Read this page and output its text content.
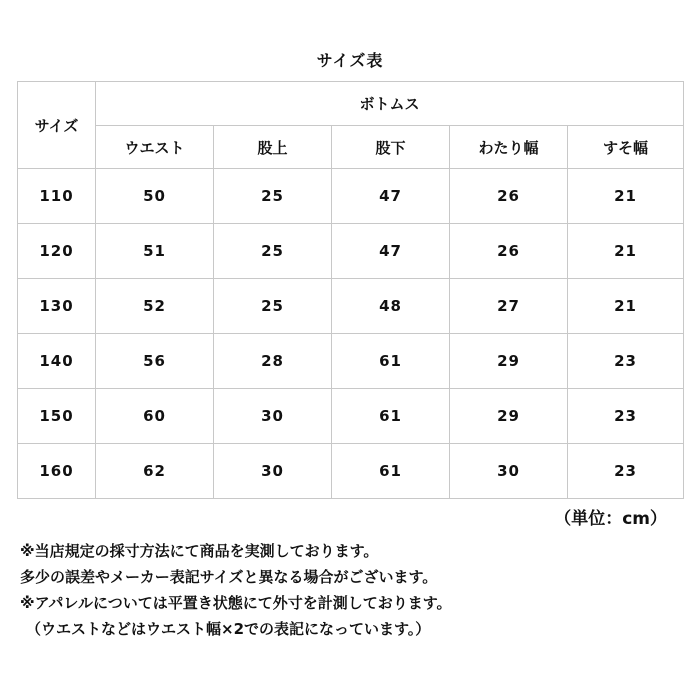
サイズ表
サイズ	ボトムス				
	ウエスト	股上	股下	わたり幅	すそ幅
110	50	25	47	26	21
120	51	25	47	26	21
130	52	25	48	27	21
140	56	28	61	29	23
150	60	30	61	29	23
160	62	30	61	30	23
（単位：cm）
※当店規定の採寸方法にて商品を実測しております。
多少の誤差やメーカー表記サイズと異なる場合がございます。
※アパレルについては平置き状態にて外寸を計測しております。
（ウエストなどはウエスト幅×2での表記になっています。）
